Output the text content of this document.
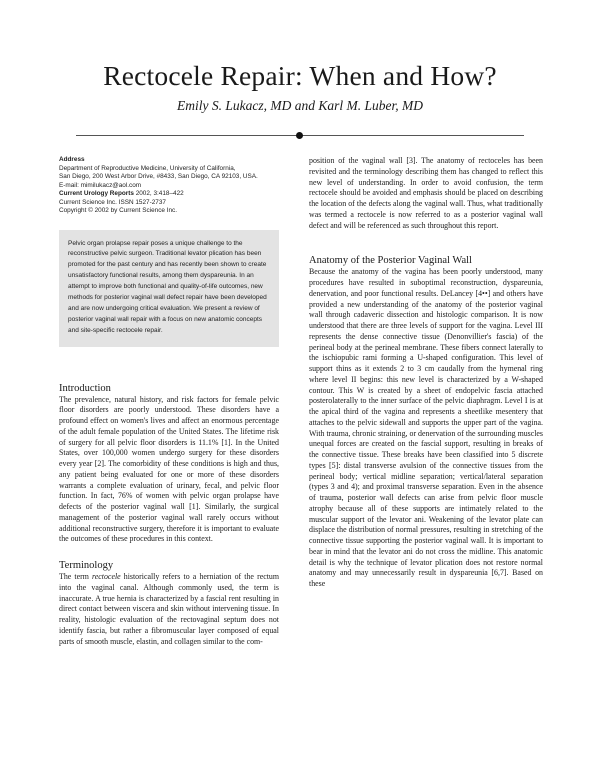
Rectocele Repair: When and How?
Emily S. Lukacz, MD and Karl M. Luber, MD
Address
Department of Reproductive Medicine, University of California,
San Diego, 200 West Arbor Drive, #8433, San Diego, CA 92103, USA.
E-mail: mimilukacz@aol.com
Current Urology Reports 2002, 3:418–422
Current Science Inc. ISSN 1527-2737
Copyright © 2002 by Current Science Inc.
Pelvic organ prolapse repair poses a unique challenge to the reconstructive pelvic surgeon. Traditional levator plication has been promoted for the past century and has recently been shown to create unsatisfactory functional results, among them dyspareunia. In an attempt to improve both functional and quality-of-life outcomes, new methods for posterior vaginal wall defect repair have been developed and are now undergoing critical evaluation. We present a review of posterior vaginal wall repair with a focus on new anatomic concepts and site-specific rectocele repair.
Introduction

The prevalence, natural history, and risk factors for female pelvic floor disorders are poorly understood. These disorders have a profound effect on women's lives and affect an enormous percentage of the adult female population of the United States. The lifetime risk of surgery for all pelvic floor disorders is 11.1% [1]. In the United States, over 100,000 women undergo surgery for these disorders every year [2]. The comorbidity of these conditions is high and thus, any patient being evaluated for one or more of these disorders warrants a complete evaluation of urinary, fecal, and pelvic floor function. In fact, 76% of women with pelvic organ prolapse have defects of the posterior vaginal wall [1]. Similarly, the surgical management of the posterior vaginal wall rarely occurs without additional reconstructive surgery, therefore it is important to evaluate the outcomes of these procedures in this context.

Terminology

The term rectocele historically refers to a herniation of the rectum into the vaginal canal. Although commonly used, the term is inaccurate. A true hernia is characterized by a fascial rent resulting in direct contact between viscera and skin without intervening tissue. In reality, histologic evaluation of the rectovaginal septum does not identify fascia, but rather a fibromuscular layer composed of equal parts of smooth muscle, elastin, and collagen similar to the com-

position of the vaginal wall [3]. The anatomy of rectoceles has been revisited and the terminology describing them has changed to reflect this new level of understanding. In order to avoid confusion, the term rectocele should be avoided and emphasis should be placed on describing the location of the defects along the vaginal wall. Thus, what traditionally was termed a rectocele is now referred to as a posterior vaginal wall defect and will be referenced as such throughout this report.

Anatomy of the Posterior Vaginal Wall

Because the anatomy of the vagina has been poorly understood, many procedures have resulted in suboptimal reconstruction, dyspareunia, denervation, and poor functional results. DeLancey [4••] and others have provided a new understanding of the anatomy of the posterior vaginal wall through cadaveric dissection and histologic comparison. It is now understood that there are three levels of support for the vagina. Level III represents the dense connective tissue (Denonvillier's fascia) of the perineal body at the perineal membrane. These fibers connect laterally to the ischiopubic rami forming a U-shaped configuration. This level of support thins as it extends 2 to 3 cm caudally from the hymenal ring where level II begins: this new level is characterized by a W-shaped contour. This W is created by a sheet of endopelvic fascia attached posterolaterally to the inner surface of the pelvic diaphragm. Level I is at the apical third of the vagina and represents a sheetlike mesentery that attaches to the pelvic sidewall and supports the upper part of the vagina. With trauma, chronic straining, or denervation of the surrounding muscles unequal forces are created on the fascial support, resulting in breaks of the connective tissue. These breaks have been classified into 5 discrete types [5]: distal transverse avulsion of the connective tissues from the perineal body; vertical midline separation; vertical/lateral separation (types 3 and 4); and proximal transverse separation. Even in the absence of trauma, posterior wall defects can arise from pelvic floor muscle atrophy because all of these supports are intimately related to the muscular support of the levator ani. Weakening of the levator plate can displace the distribution of normal pressures, resulting in stretching of the connective tissue supporting the posterior vaginal wall. It is important to bear in mind that the levator ani do not cross the midline. This anatomic detail is why the technique of levator plication does not restore normal anatomy and may unnecessarily result in dyspareunia [6,7]. Based on these
